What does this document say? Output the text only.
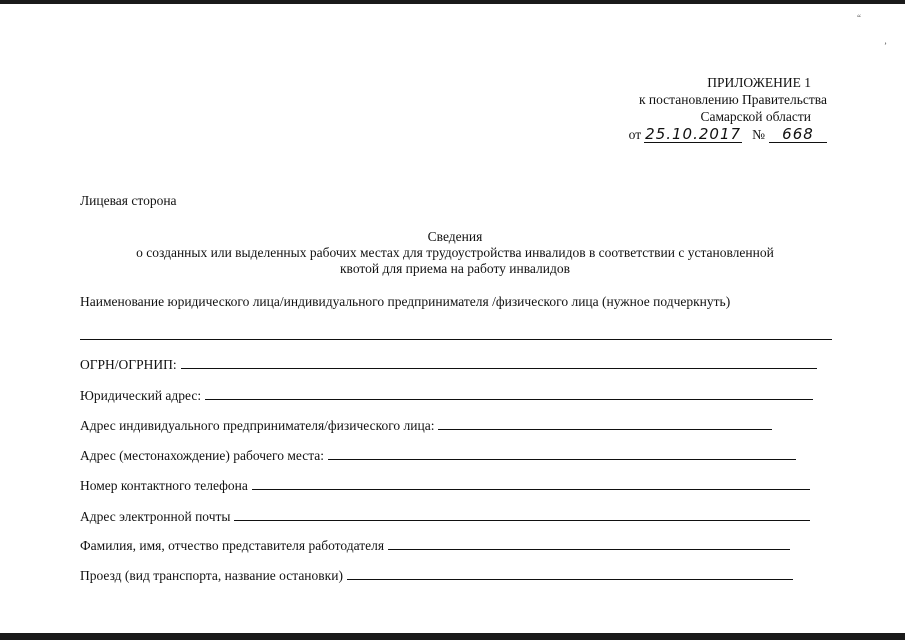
“
’
ПРИЛОЖЕНИЕ 1
к постановлению Правительства
Самарской области
от 25.10.2017 №	668
Лицевая сторона
Сведения
о созданных или выделенных рабочих местах для трудоустройства инвалидов в соответствии с установленной
квотой для приема на работу инвалидов
Наименование юридического лица/индивидуального предпринимателя /физического лица (нужное подчеркнуть)
ОГРН/ОГРНИП:
Юридический адрес:
Адрес индивидуального предпринимателя/физического лица:
Адрес (местонахождение) рабочего места:
Номер контактного телефона
Адрес электронной почты
Фамилия, имя, отчество представителя работодателя
Проезд (вид транспорта, название остановки)
